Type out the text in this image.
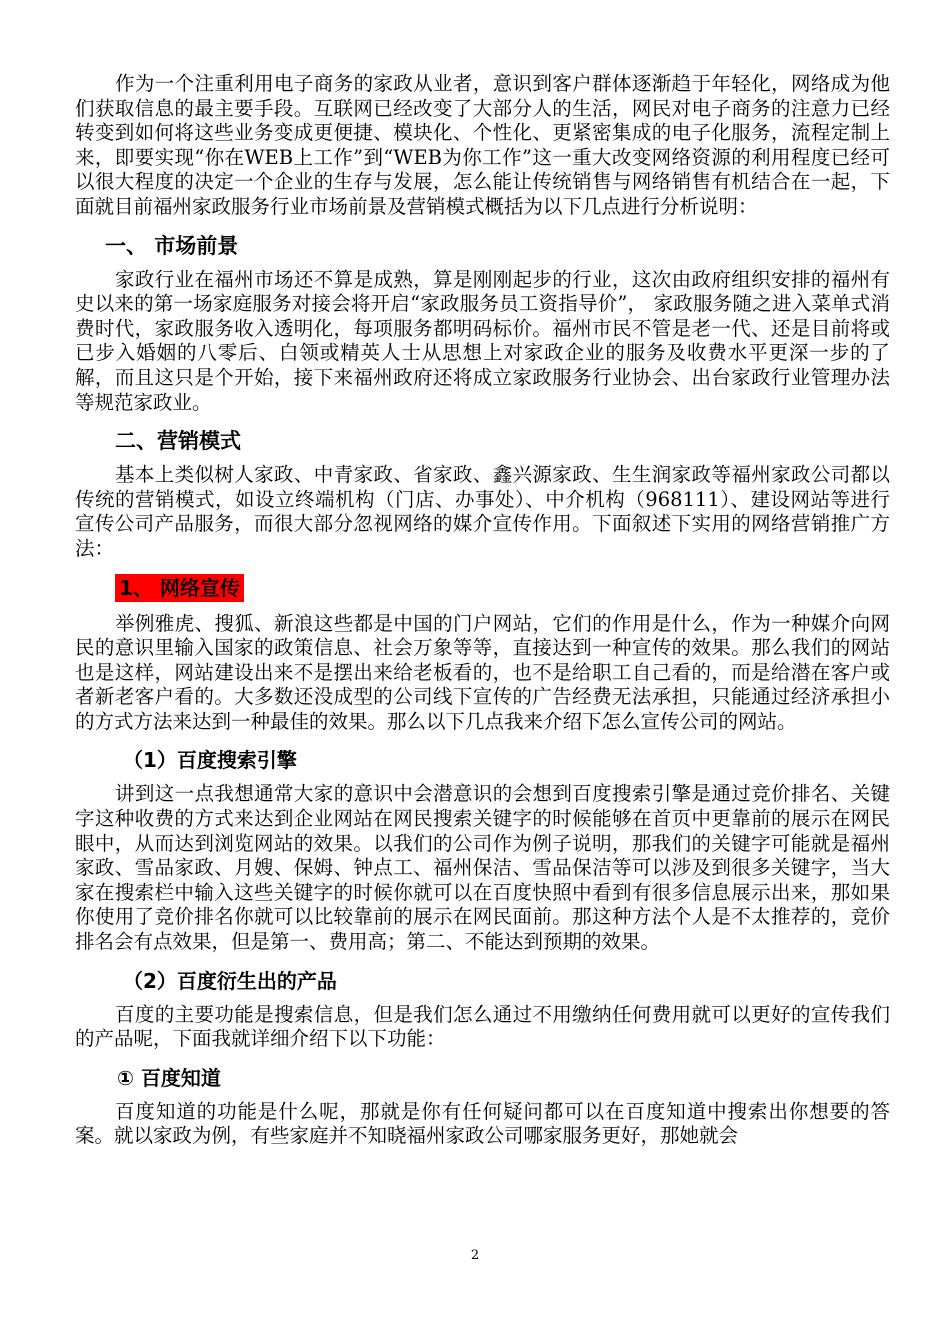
作为一个注重利用电子商务的家政从业者，意识到客户群体逐渐趋于年轻化，网络成为他们获取信息的最主要手段。互联网已经改变了大部分人的生活，网民对电子商务的注意力已经转变到如何将这些业务变成更便捷、模块化、个性化、更紧密集成的电子化服务，流程定制上来，即要实现“你在WEB上工作”到“WEB为你工作”这一重大改变网络资源的利用程度已经可以很大程度的决定一个企业的生存与发展，怎么能让传统销售与网络销售有机结合在一起，下面就目前福州家政服务行业市场前景及营销模式概括为以下几点进行分析说明：

一、 市场前景

家政行业在福州市场还不算是成熟，算是刚刚起步的行业，这次由政府组织安排的福州有史以来的第一场家庭服务对接会将开启“家政服务员工资指导价”， 家政服务随之进入菜单式消费时代，家政服务收入透明化，每项服务都明码标价。福州市民不管是老一代、还是目前将或已步入婚姻的八零后、白领或精英人士从思想上对家政企业的服务及收费水平更深一步的了解，而且这只是个开始，接下来福州政府还将成立家政服务行业协会、出台家政行业管理办法等规范家政业。

二、营销模式

基本上类似树人家政、中青家政、省家政、鑫兴源家政、生生润家政等福州家政公司都以传统的营销模式，如设立终端机构（门店、办事处）、中介机构（968111）、建设网站等进行宣传公司产品服务，而很大部分忽视网络的媒介宣传作用。下面叙述下实用的网络营销推广方法：

1、 网络宣传

举例雅虎、搜狐、新浪这些都是中国的门户网站，它们的作用是什么，作为一种媒介向网民的意识里输入国家的政策信息、社会万象等等，直接达到一种宣传的效果。那么我们的网站也是这样，网站建设出来不是摆出来给老板看的，也不是给职工自己看的，而是给潜在客户或者新老客户看的。大多数还没成型的公司线下宣传的广告经费无法承担，只能通过经济承担小的方式方法来达到一种最佳的效果。那么以下几点我来介绍下怎么宣传公司的网站。

（1）百度搜索引擎

讲到这一点我想通常大家的意识中会潜意识的会想到百度搜索引擎是通过竞价排名、关键字这种收费的方式来达到企业网站在网民搜索关键字的时候能够在首页中更靠前的展示在网民眼中，从而达到浏览网站的效果。以我们的公司作为例子说明，那我们的关键字可能就是福州家政、雪品家政、月嫂、保姆、钟点工、福州保洁、雪品保洁等可以涉及到很多关键字，当大家在搜索栏中输入这些关键字的时候你就可以在百度快照中看到有很多信息展示出来，那如果你使用了竞价排名你就可以比较靠前的展示在网民面前。那这种方法个人是不太推荐的，竞价排名会有点效果，但是第一、费用高；第二、不能达到预期的效果。

（2）百度衍生出的产品

百度的主要功能是搜索信息，但是我们怎么通过不用缴纳任何费用就可以更好的宣传我们的产品呢，下面我就详细介绍下以下功能：

① 百度知道

百度知道的功能是什么呢，那就是你有任何疑问都可以在百度知道中搜索出你想要的答案。就以家政为例，有些家庭并不知晓福州家政公司哪家服务更好，那她就会

2
